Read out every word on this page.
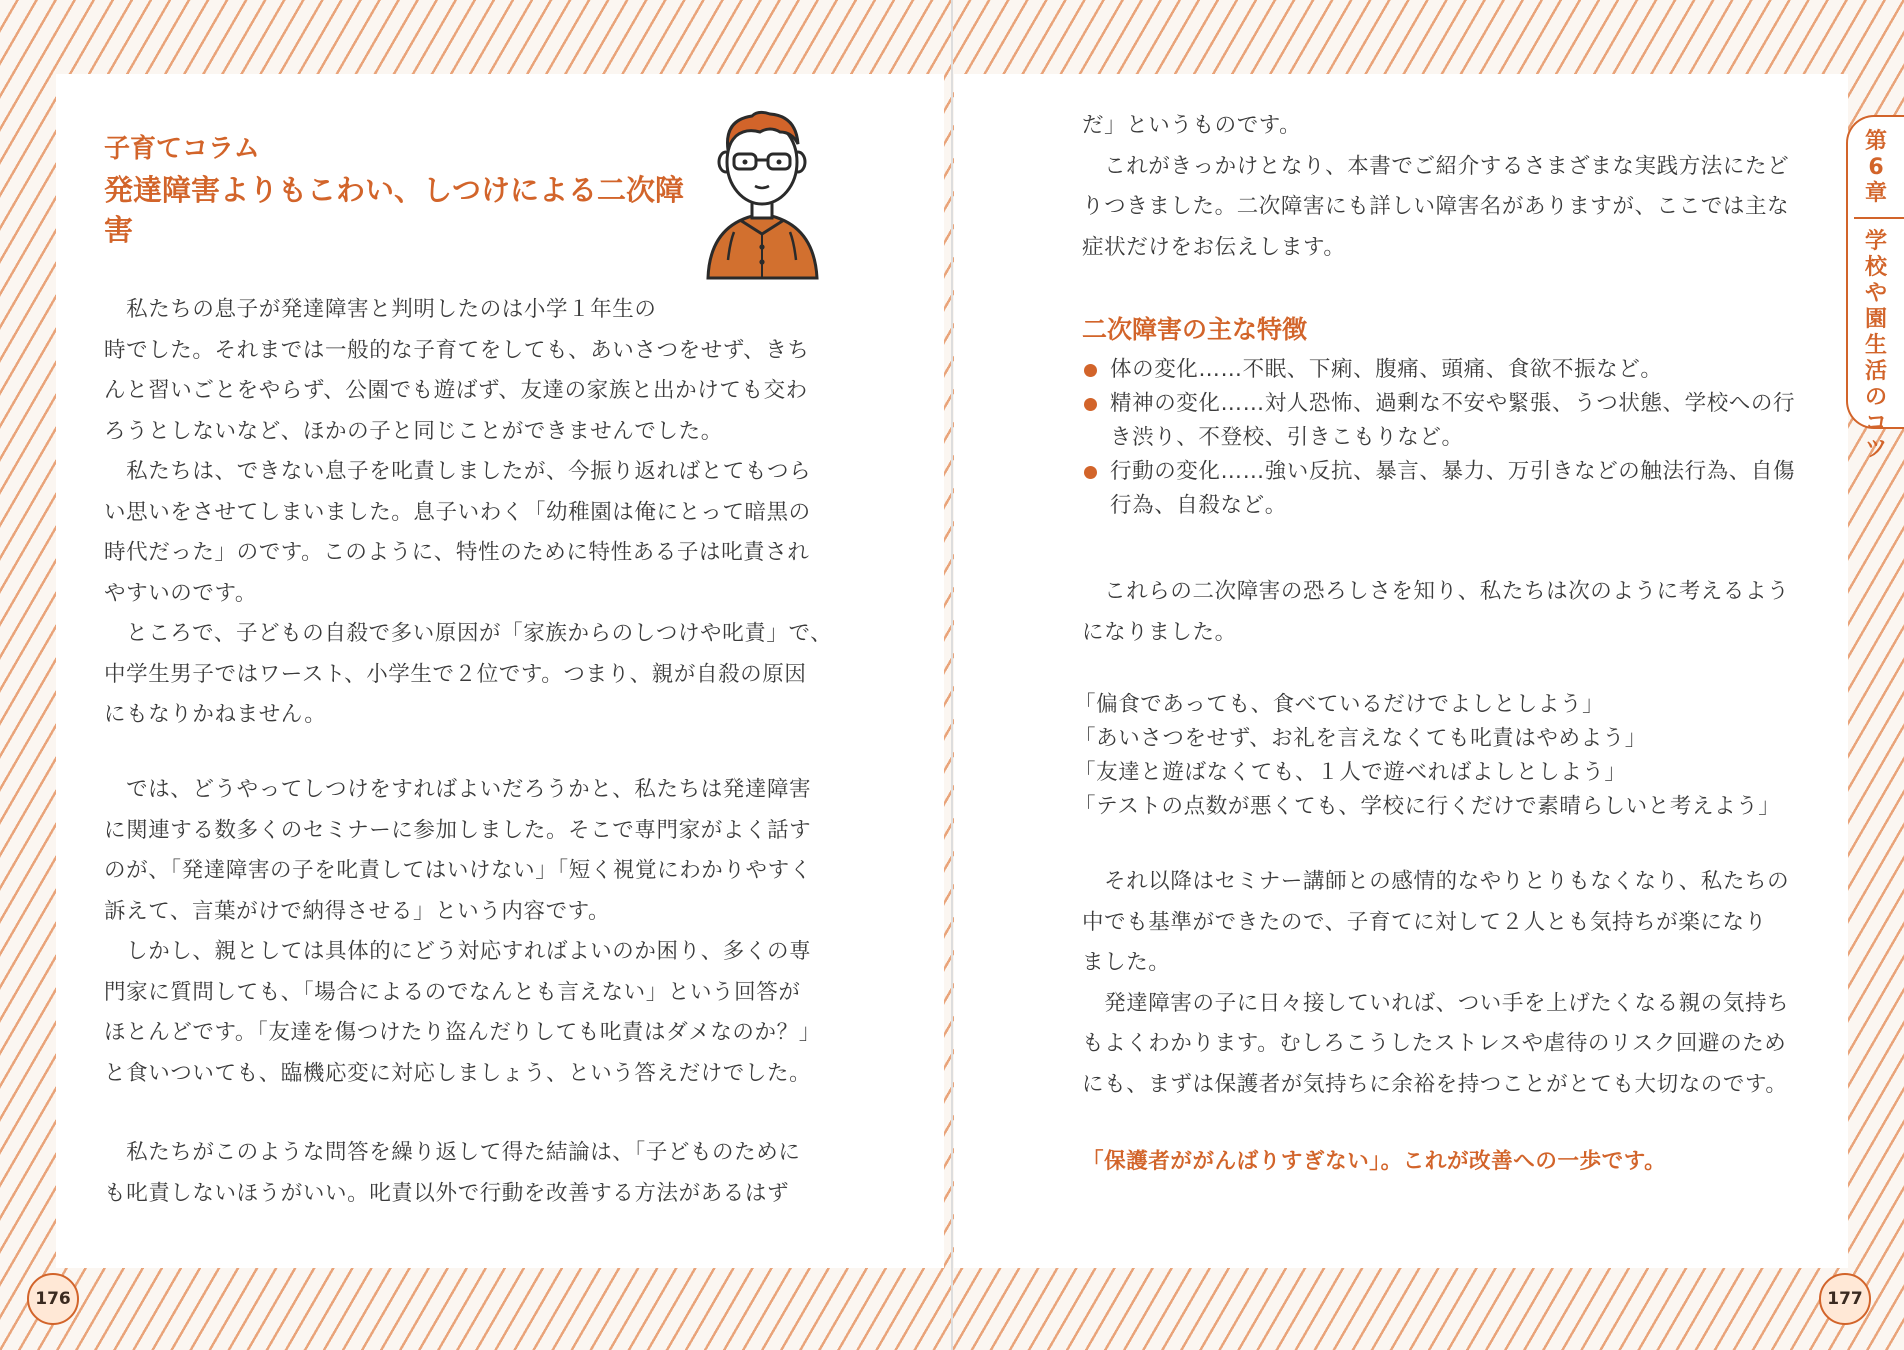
子育てコラム
発達障害よりもこわい、しつけによる二次障害
　私たちの息子が発達障害と判明したのは小学１年生の
時でした。それまでは一般的な子育てをしても、あいさつをせず、きち
んと習いごとをやらず、公園でも遊ばず、友達の家族と出かけても交わ
ろうとしないなど、ほかの子と同じことができませんでした。
　私たちは、できない息子を叱責しましたが、今振り返ればとてもつら
い思いをさせてしまいました。息子いわく「幼稚園は俺にとって暗黒の
時代だった」のです。このように、特性のために特性ある子は叱責され
やすいのです。
　ところで、子どもの自殺で多い原因が「家族からのしつけや叱責」で、
中学生男子ではワースト、小学生で２位です。つまり、親が自殺の原因
にもなりかねません。
　では、どうやってしつけをすればよいだろうかと、私たちは発達障害
に関連する数多くのセミナーに参加しました。そこで専門家がよく話す
のが、「発達障害の子を叱責してはいけない」「短く視覚にわかりやすく
訴えて、言葉がけで納得させる」という内容です。
　しかし、親としては具体的にどう対応すればよいのか困り、多くの専
門家に質問しても、「場合によるのでなんとも言えない」という回答が
ほとんどです。「友達を傷つけたり盗んだりしても叱責はダメなのか？」
と食いついても、臨機応変に対応しましょう、という答えだけでした。
　私たちがこのような問答を繰り返して得た結論は、「子どものために
も叱責しないほうがいい。叱責以外で行動を改善する方法があるはず
だ」というものです。
　これがきっかけとなり、本書でご紹介するさまざまな実践方法にたど
りつきました。二次障害にも詳しい障害名がありますが、ここでは主な
症状だけをお伝えします。
二次障害の主な特徴
体の変化……不眠、下痢、腹痛、頭痛、食欲不振など。
精神の変化……対人恐怖、過剰な不安や緊張、うつ状態、学校への行き渋り、不登校、引きこもりなど。
行動の変化……強い反抗、暴言、暴力、万引きなどの触法行為、自傷行為、自殺など。
　これらの二次障害の恐ろしさを知り、私たちは次のように考えるよう
になりました。
「偏食であっても、食べているだけでよしとしよう」
「あいさつをせず、お礼を言えなくても叱責はやめよう」
「友達と遊ばなくても、１人で遊べればよしとしよう」
「テストの点数が悪くても、学校に行くだけで素晴らしいと考えよう」
　それ以降はセミナー講師との感情的なやりとりもなくなり、私たちの
中でも基準ができたので、子育てに対して２人とも気持ちが楽になり
ました。
　発達障害の子に日々接していれば、つい手を上げたくなる親の気持ち
もよくわかります。むしろこうしたストレスや虐待のリスク回避のため
にも、まずは保護者が気持ちに余裕を持つことがとても大切なのです。
「保護者ががんばりすぎない」。これが改善への一歩です。
第6章
学校や園生活のコツ
176	177
